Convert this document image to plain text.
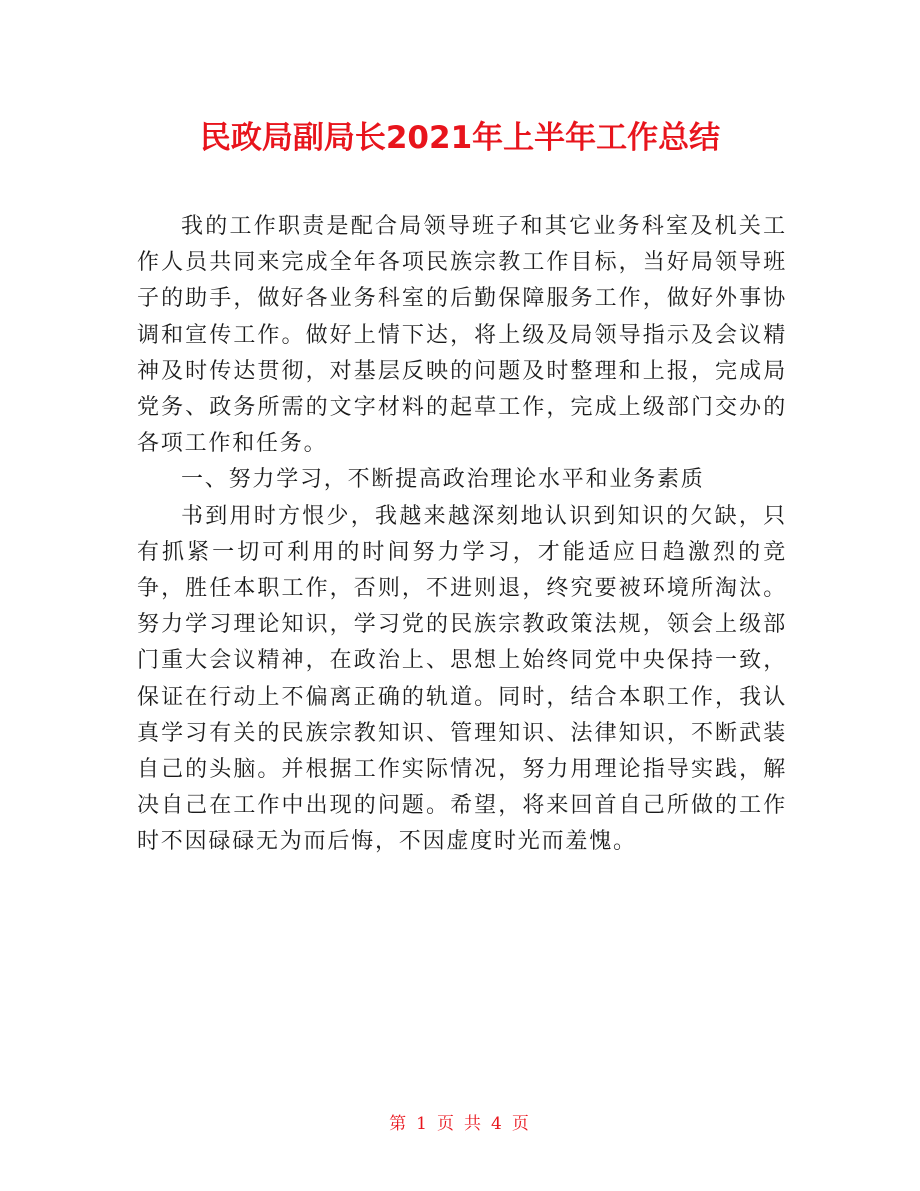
民政局副局长2021年上半年工作总结

我的工作职责是配合局领导班子和其它业务科室及机关工作人员共同来完成全年各项民族宗教工作目标，当好局领导班子的助手，做好各业务科室的后勤保障服务工作，做好外事协调和宣传工作。做好上情下达，将上级及局领导指示及会议精神及时传达贯彻，对基层反映的问题及时整理和上报，完成局党务、政务所需的文字材料的起草工作，完成上级部门交办的各项工作和任务。

一、努力学习，不断提高政治理论水平和业务素质

书到用时方恨少，我越来越深刻地认识到知识的欠缺，只有抓紧一切可利用的时间努力学习，才能适应日趋激烈的竞争，胜任本职工作，否则，不进则退，终究要被环境所淘汰。努力学习理论知识，学习党的民族宗教政策法规，领会上级部门重大会议精神，在政治上、思想上始终同党中央保持一致，保证在行动上不偏离正确的轨道。同时，结合本职工作，我认真学习有关的民族宗教知识、管理知识、法律知识，不断武装自己的头脑。并根据工作实际情况，努力用理论指导实践，解决自己在工作中出现的问题。希望，将来回首自己所做的工作时不因碌碌无为而后悔，不因虚度时光而羞愧。

第 1 页 共 4 页
